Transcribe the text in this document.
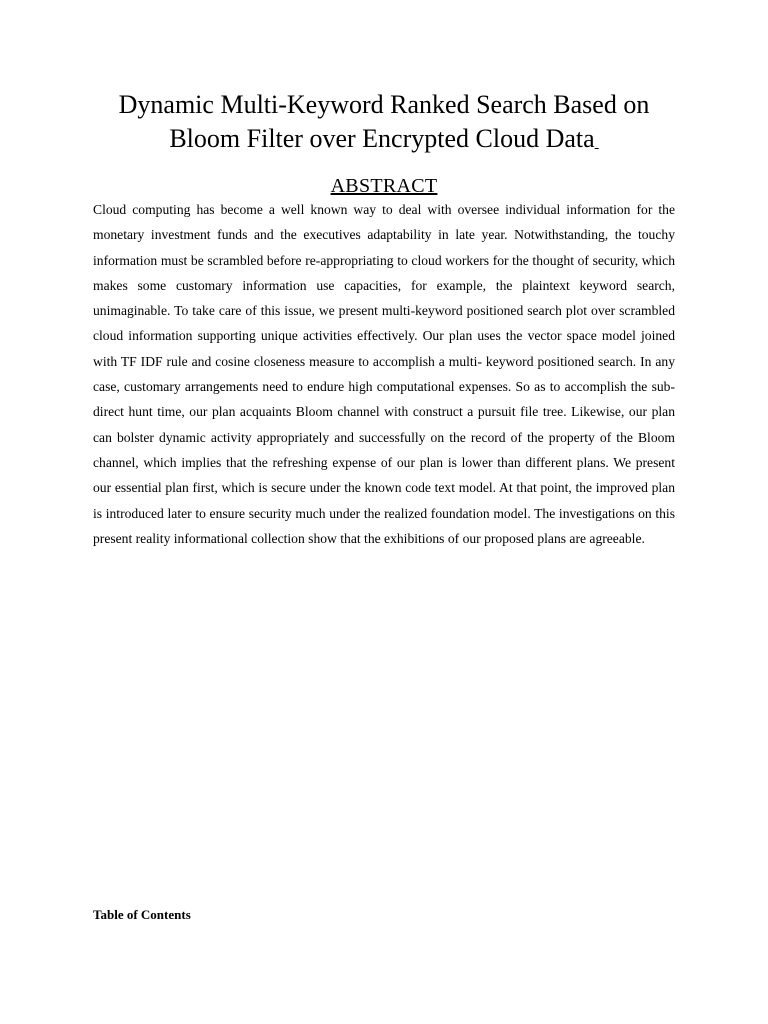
Dynamic Multi-Keyword Ranked Search Based on
Bloom Filter over Encrypted Cloud Data
ABSTRACT

Cloud computing has become a well known way to deal with oversee individual information for the monetary investment funds and the executives adaptability in late year. Notwithstanding, the touchy information must be scrambled before re-appropriating to cloud workers for the thought of security, which makes some customary information use capacities, for example, the plaintext keyword search, unimaginable. To take care of this issue, we present multi-keyword positioned search plot over scrambled cloud information supporting unique activities effectively. Our plan uses the vector space model joined with TF IDF rule and cosine closeness measure to accomplish a multi- keyword positioned search. In any case, customary arrangements need to endure high computational expenses. So as to accomplish the sub-direct hunt time, our plan acquaints Bloom channel with construct a pursuit file tree. Likewise, our plan can bolster dynamic activity appropriately and successfully on the record of the property of the Bloom channel, which implies that the refreshing expense of our plan is lower than different plans. We present our essential plan first, which is secure under the known code text model. At that point, the improved plan is introduced later to ensure security much under the realized foundation model. The investigations on this present reality informational collection show that the exhibitions of our proposed plans are agreeable.

Table of Contents
